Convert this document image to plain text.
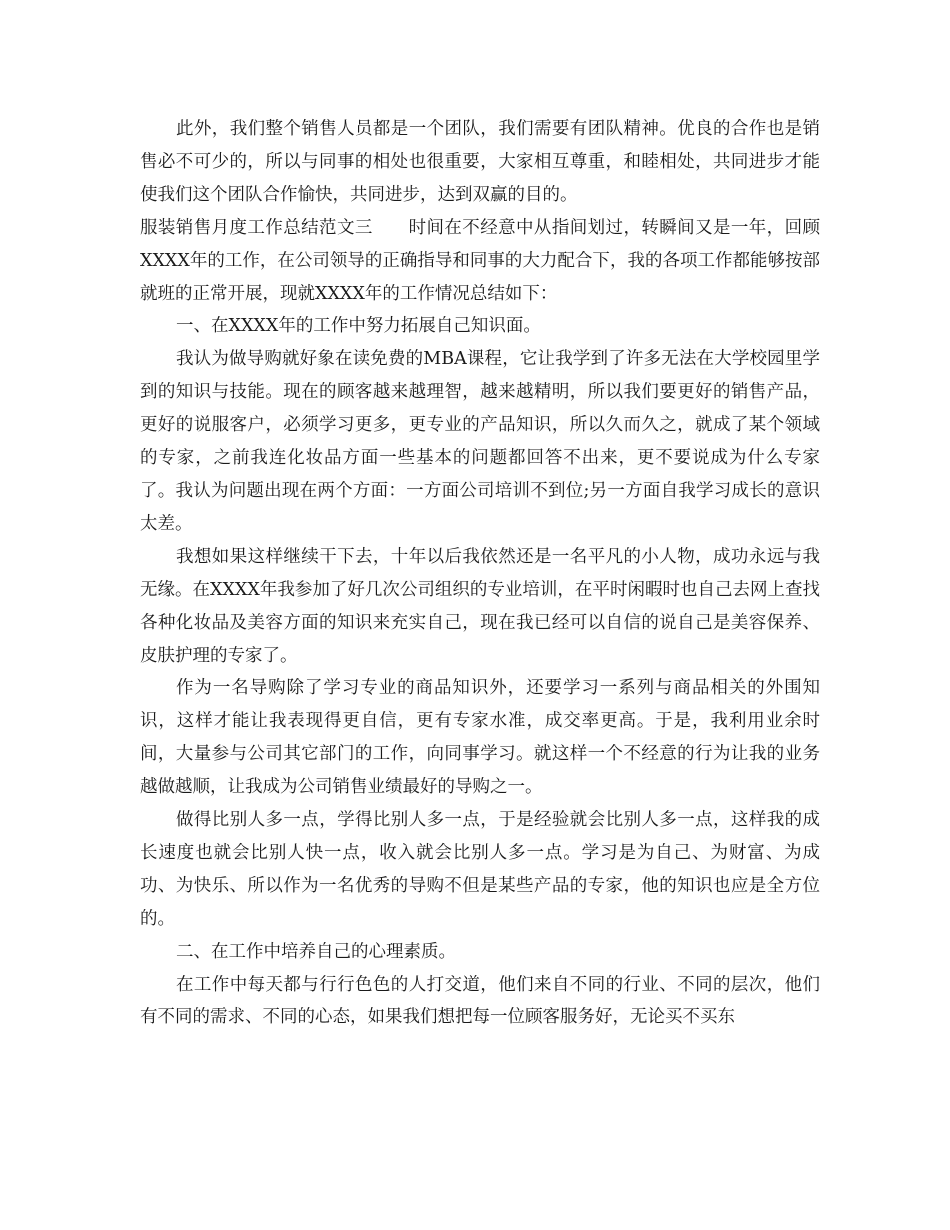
此外，我们整个销售人员都是一个团队，我们需要有团队精神。优良的合作也是销售必不可少的，所以与同事的相处也很重要，大家相互尊重，和睦相处，共同进步才能使我们这个团队合作愉快，共同进步，达到双赢的目的。

服装销售月度工作总结范文三　　时间在不经意中从指间划过，转瞬间又是一年，回顾XXXX年的工作，在公司领导的正确指导和同事的大力配合下，我的各项工作都能够按部就班的正常开展，现就XXXX年的工作情况总结如下：

一、在XXXX年的工作中努力拓展自己知识面。

我认为做导购就好象在读免费的MBA课程，它让我学到了许多无法在大学校园里学到的知识与技能。现在的顾客越来越理智，越来越精明，所以我们要更好的销售产品，更好的说服客户，必须学习更多，更专业的产品知识，所以久而久之，就成了某个领域的专家，之前我连化妆品方面一些基本的问题都回答不出来，更不要说成为什么专家了。我认为问题出现在两个方面：一方面公司培训不到位;另一方面自我学习成长的意识太差。

我想如果这样继续干下去，十年以后我依然还是一名平凡的小人物，成功永远与我无缘。在XXXX年我参加了好几次公司组织的专业培训，在平时闲暇时也自己去网上查找各种化妆品及美容方面的知识来充实自己，现在我已经可以自信的说自己是美容保养、皮肤护理的专家了。

作为一名导购除了学习专业的商品知识外，还要学习一系列与商品相关的外围知识，这样才能让我表现得更自信，更有专家水准，成交率更高。于是，我利用业余时间，大量参与公司其它部门的工作，向同事学习。就这样一个不经意的行为让我的业务越做越顺，让我成为公司销售业绩最好的导购之一。

做得比别人多一点，学得比别人多一点，于是经验就会比别人多一点，这样我的成长速度也就会比别人快一点，收入就会比别人多一点。学习是为自己、为财富、为成功、为快乐、所以作为一名优秀的导购不但是某些产品的专家，他的知识也应是全方位的。

二、在工作中培养自己的心理素质。

在工作中每天都与行行色色的人打交道，他们来自不同的行业、不同的层次，他们有不同的需求、不同的心态，如果我们想把每一位顾客服务好，无论买不买东
